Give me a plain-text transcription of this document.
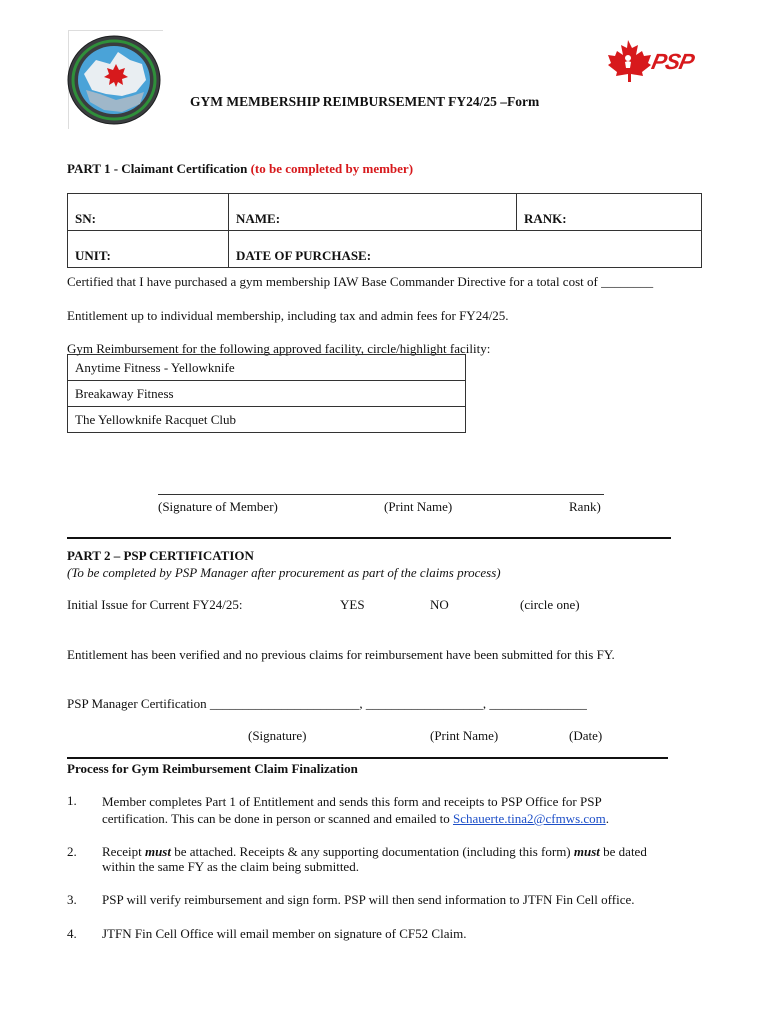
PSP
GYM MEMBERSHIP REIMBURSEMENT FY24/25 –Form
PART 1 - Claimant Certification (to be completed by member)
SN:	NAME:	RANK:
UNIT:	DATE OF PURCHASE:	
Certified that I have purchased a gym membership IAW Base Commander Directive for a total cost of ________
Entitlement up to individual membership, including tax and admin fees for FY24/25.
Gym Reimbursement for the following approved facility, circle/highlight facility:
Anytime Fitness - Yellowknife
Breakaway Fitness
The Yellowknife Racquet Club
(Signature of Member)	(Print Name)	Rank)
PART 2 – PSP CERTIFICATION
(To be completed by PSP Manager after procurement as part of the claims process)
Initial Issue for Current FY24/25:	YES	NO	(circle one)
Entitlement has been verified and no previous claims for reimbursement have been submitted for this FY.
PSP Manager Certification _______________________, __________________, _______________
(Signature)	(Print Name)	(Date)
Process for Gym Reimbursement Claim Finalization
1. Member completes Part 1 of Entitlement and sends this form and receipts to PSP Office for PSP
certification. This can be done in person or scanned and emailed to Schauerte.tina2@cfmws.com.
2. Receipt must be attached. Receipts & any supporting documentation (including this form) must be dated
within the same FY as the claim being submitted.
3. PSP will verify reimbursement and sign form. PSP will then send information to JTFN Fin Cell office.
4. JTFN Fin Cell Office will email member on signature of CF52 Claim.
